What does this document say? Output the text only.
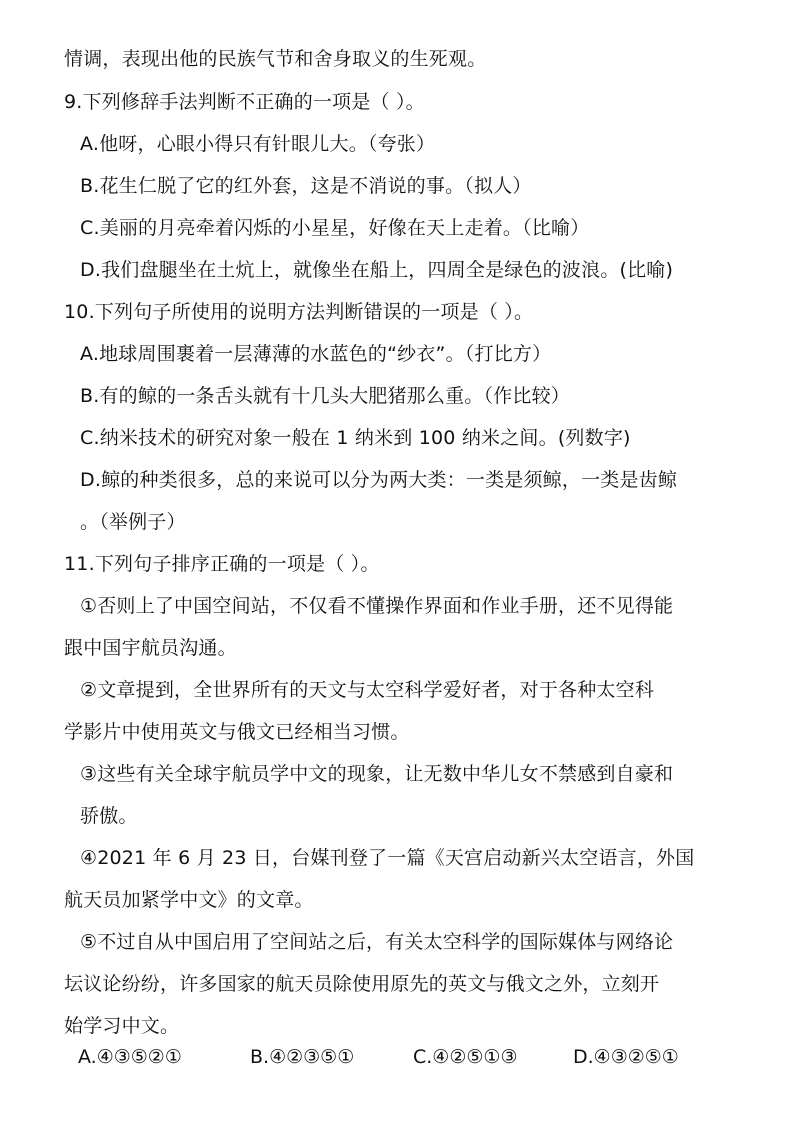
情调，表现出他的民族气节和舍身取义的生死观。
9.下列修辞手法判断不正确的一项是（ ）。
A.他呀，心眼小得只有针眼儿大。（夸张）
B.花生仁脱了它的红外套，这是不消说的事。（拟人）
C.美丽的月亮牵着闪烁的小星星，好像在天上走着。（比喻）
D.我们盘腿坐在土炕上，就像坐在船上，四周全是绿色的波浪。(比喻)
10.下列句子所使用的说明方法判断错误的一项是（ ）。
A.地球周围裹着一层薄薄的水蓝色的“纱衣”。（打比方）
B.有的鲸的一条舌头就有十几头大肥猪那么重。（作比较）
C.纳米技术的研究对象一般在 1 纳米到 100 纳米之间。(列数字)
D.鲸的种类很多，总的来说可以分为两大类：一类是须鲸，一类是齿鲸
。（举例子）
11.下列句子排序正确的一项是（ ）。
①否则上了中国空间站，不仅看不懂操作界面和作业手册，还不见得能
跟中国宇航员沟通。
②文章提到，全世界所有的天文与太空科学爱好者，对于各种太空科
学影片中使用英文与俄文已经相当习惯。
③这些有关全球宇航员学中文的现象，让无数中华儿女不禁感到自豪和
骄傲。
④2021 年 6 月 23 日，台媒刊登了一篇《天宫启动新兴太空语言，外国
航天员加紧学中文》的文章。
⑤不过自从中国启用了空间站之后，有关太空科学的国际媒体与网络论
坛议论纷纷，许多国家的航天员除使用原先的英文与俄文之外，立刻开
始学习中文。
A.④③⑤②①	B.④②③⑤①	C.④②⑤①③	D.④③②⑤①
